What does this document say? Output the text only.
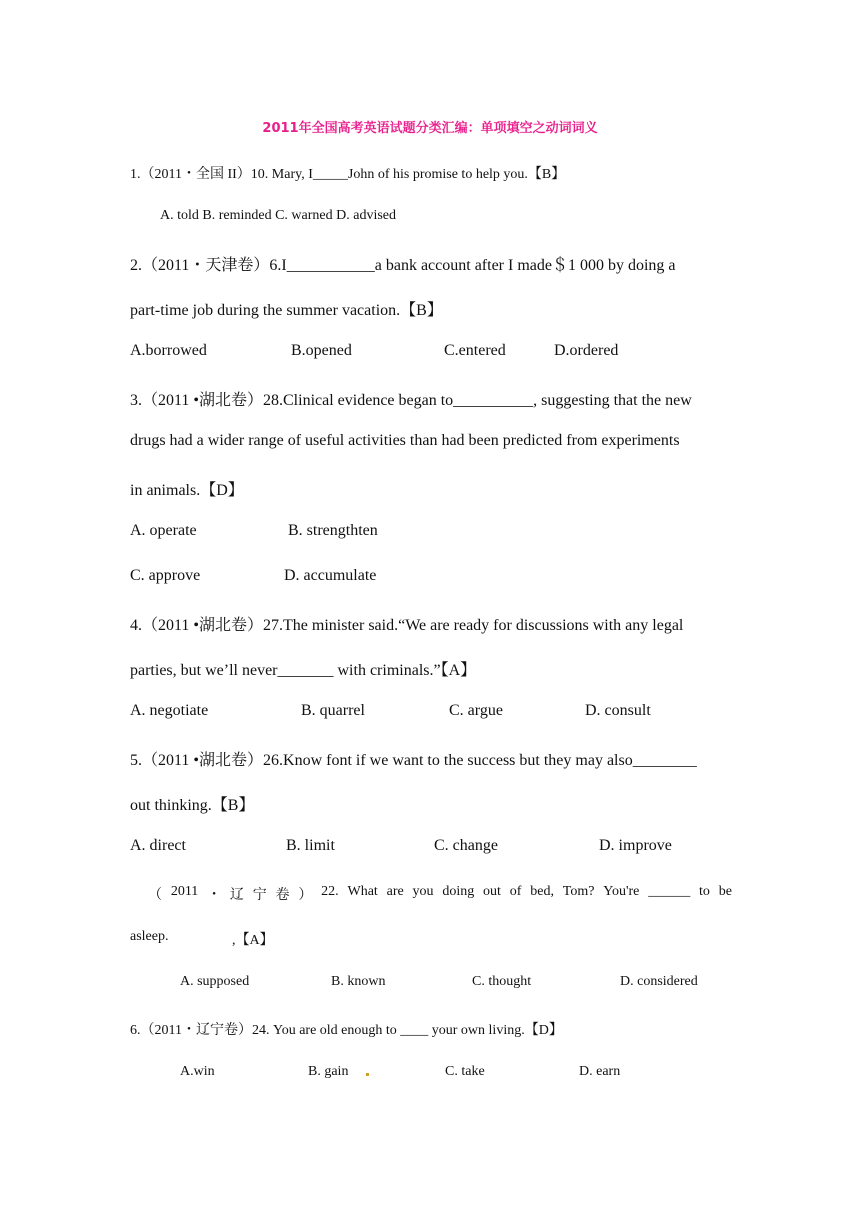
2011年全国高考英语试题分类汇编：单项填空之动词词义
1.（2011・全国 II）10. Mary, I_____John of his promise to help you.【B】
A. told B. reminded C. warned D. advised
2.（2011・天津卷）6.I___________a bank account after I made＄1 000 by doing a
part-time job during the summer vacation.【B】
A.borrowed	B.opened	C.entered	D.ordered
3.（2011 •湖北卷）28.Clinical evidence began to__________, suggesting that the new
drugs had a wider range of useful activities than had been predicted from experiments
in animals.【D】
A. operate	B. strengthten
C. approve	D. accumulate
4.（2011 •湖北卷）27.The minister said.“We are ready for discussions with any legal
parties, but we’ll never_______ with criminals.”【A】
A. negotiate	B. quarrel	C. argue	D. consult
5.（2011 •湖北卷）26.Know font if we want to the success but they may also________
out thinking.【B】
A. direct	B. limit	C. change	D. improve
（ 2011 ・ 辽 宁 卷 ） 22. What are you doing out of bed, Tom? You're ______ to be
asleep.	,【A】
A. supposed	B. known	C. thought	D. considered
6.（2011・辽宁卷）24. You are old enough to ____ your own living.【D】
A.win	B. gain	C. take	D. earn
